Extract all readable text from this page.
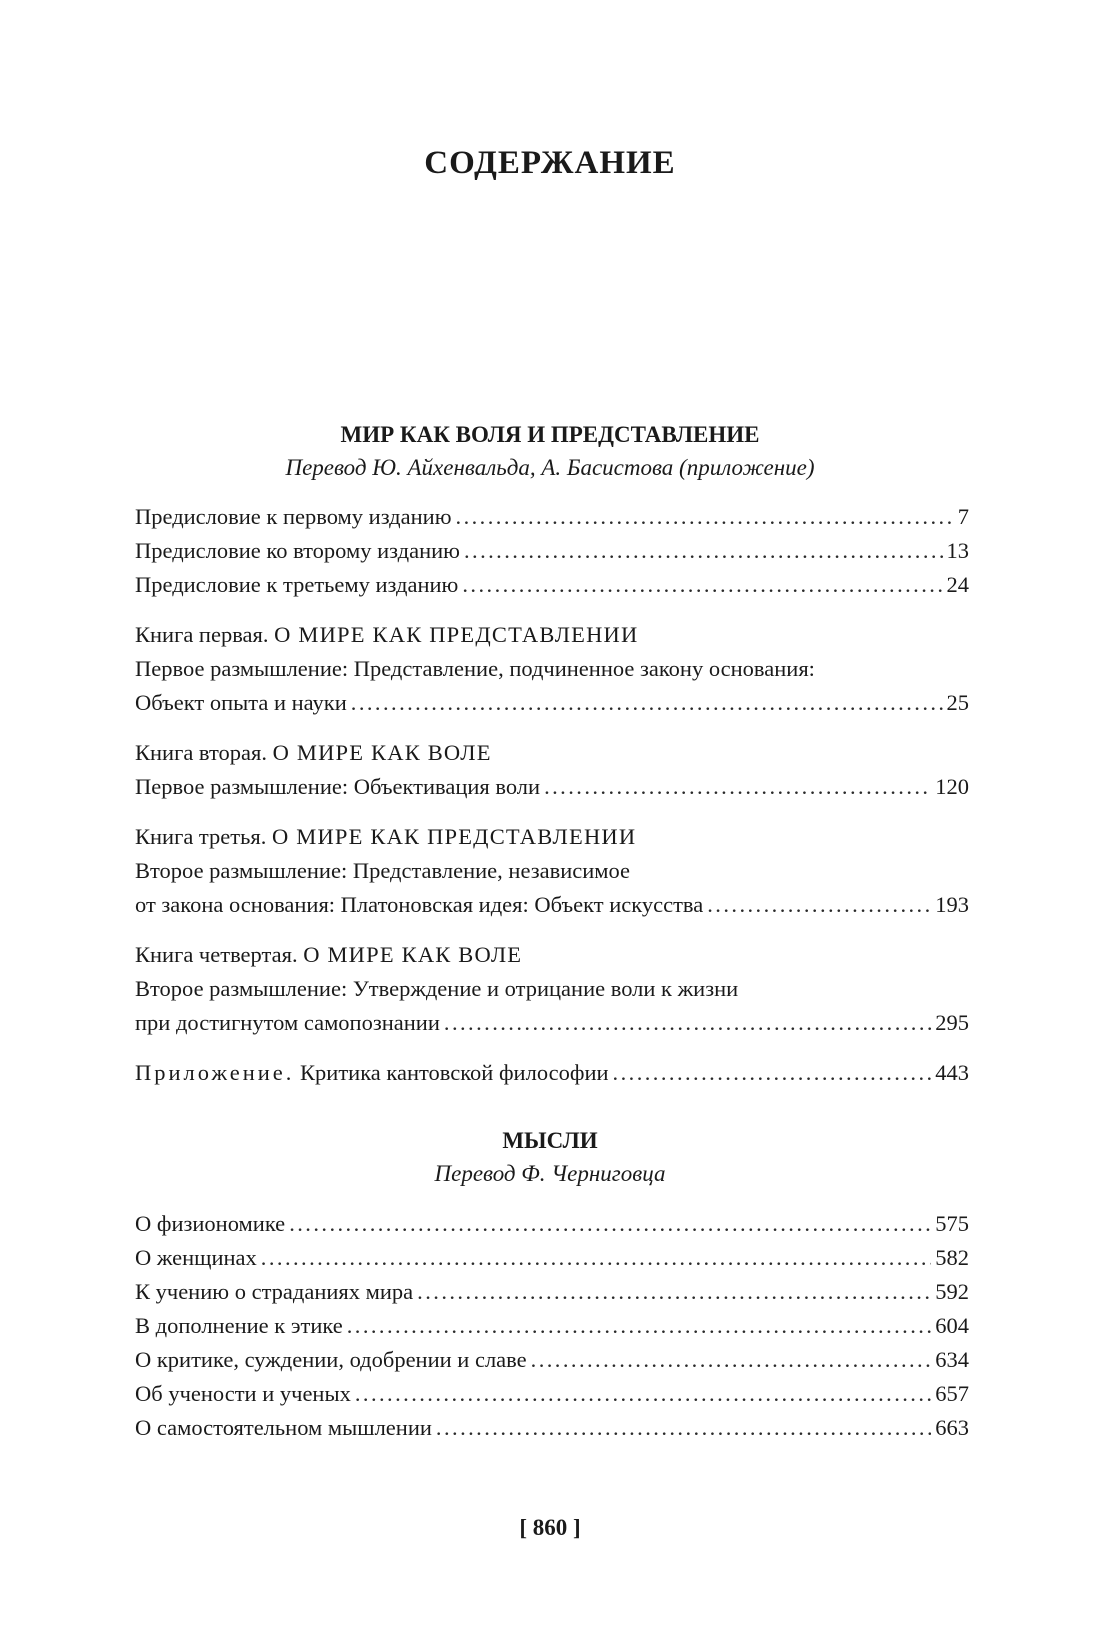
СОДЕРЖАНИЕ
МИР КАК ВОЛЯ И ПРЕДСТАВЛЕНИЕ
Перевод Ю. Айхенвальда, А. Басистова (приложение)
Предисловие к первому изданию . . .	7
Предисловие ко второму изданию . . .	13
Предисловие к третьему изданию . . .	24
Книга первая. О МИРЕ КАК ПРЕДСТАВЛЕНИИ
Первое размышление: Представление, подчиненное закону основания:
Объект опыта и науки . . .	25
Книга вторая. О МИРЕ КАК ВОЛЕ
Первое размышление: Объективация воли . . .	120
Книга третья. О МИРЕ КАК ПРЕДСТАВЛЕНИИ
Второе размышление: Представление, независимое
от закона основания: Платоновская идея: Объект искусства . . .	193
Книга четвертая. О МИРЕ КАК ВОЛЕ
Второе размышление: Утверждение и отрицание воли к жизни
при достигнутом самопознании . . .	295
Приложение. Критика кантовской философии . . .	443
МЫСЛИ
Перевод Ф. Черниговца
О физиономике . . .	575
О женщинах . . .	582
К учению о страданиях мира . . .	592
В дополнение к этике . . .	604
О критике, суждении, одобрении и славе . . .	634
Об учености и ученых . . .	657
О самостоятельном мышлении . . .	663
[ 860 ]
